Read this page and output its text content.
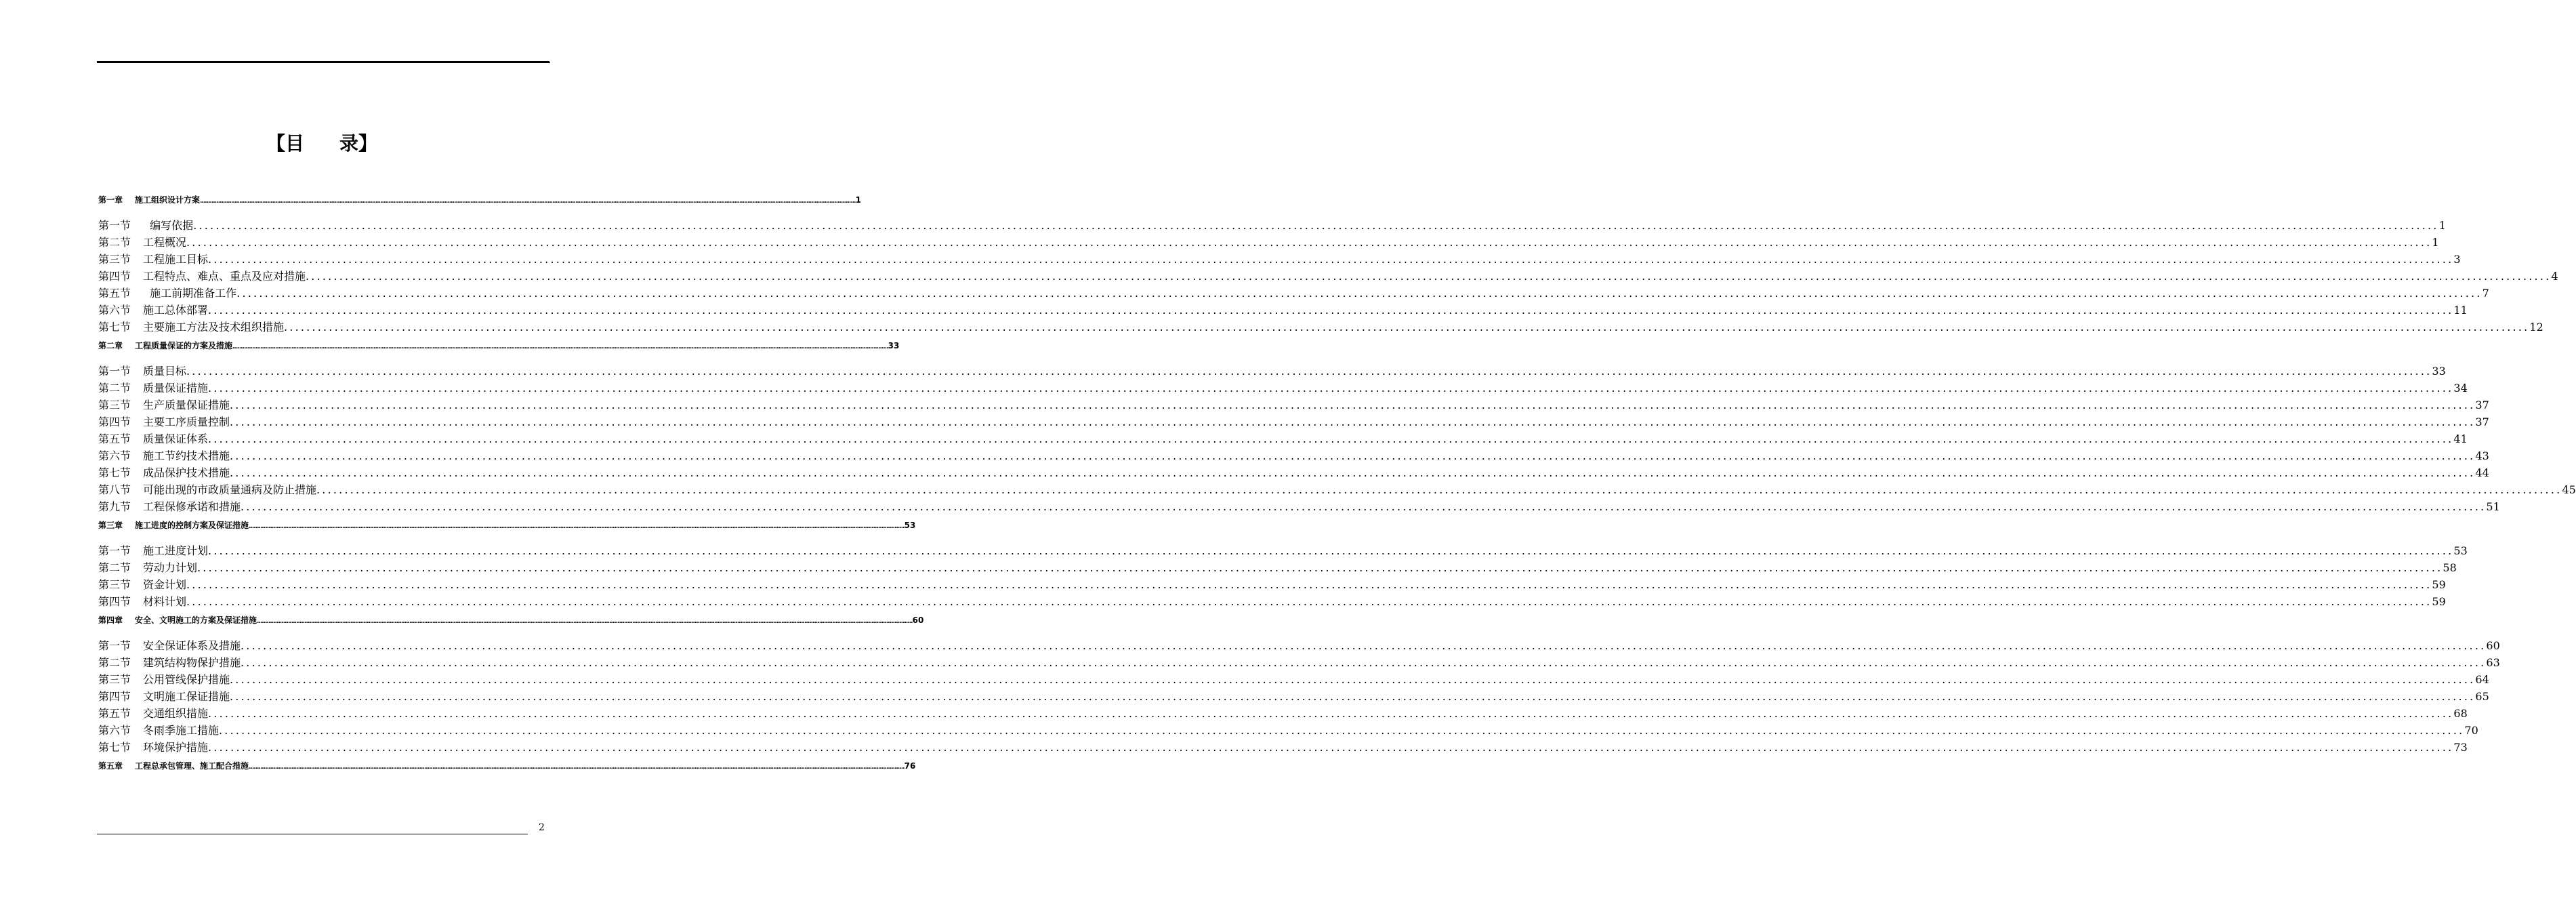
【目 录】
第一章 施工组织设计方案 ................................................................................................................................................................................................................................................................................................................................................................................................................ 1
第一节  编写依据 ................................................................................................................................................................................................................................................................................................................................................................................................................ 1
第二节 工程概况 ................................................................................................................................................................................................................................................................................................................................................................................................................ 1
第三节 工程施工目标 ................................................................................................................................................................................................................................................................................................................................................................................................................ 3
第四节 工程特点、难点、重点及应对措施 ................................................................................................................................................................................................................................................................................................................................................................................................................ 4
第五节  施工前期准备工作 ................................................................................................................................................................................................................................................................................................................................................................................................................ 7
第六节 施工总体部署 ................................................................................................................................................................................................................................................................................................................................................................................................................ 11
第七节 主要施工方法及技术组织措施 ................................................................................................................................................................................................................................................................................................................................................................................................................ 12
第二章 工程质量保证的方案及措施 ................................................................................................................................................................................................................................................................................................................................................................................................................ 33
第一节 质量目标 ................................................................................................................................................................................................................................................................................................................................................................................................................ 33
第二节 质量保证措施 ................................................................................................................................................................................................................................................................................................................................................................................................................ 34
第三节 生产质量保证措施 ................................................................................................................................................................................................................................................................................................................................................................................................................ 37
第四节 主要工序质量控制 ................................................................................................................................................................................................................................................................................................................................................................................................................ 37
第五节 质量保证体系 ................................................................................................................................................................................................................................................................................................................................................................................................................ 41
第六节 施工节约技术措施 ................................................................................................................................................................................................................................................................................................................................................................................................................ 43
第七节 成品保护技术措施 ................................................................................................................................................................................................................................................................................................................................................................................................................ 44
第八节 可能出现的市政质量通病及防止措施 ................................................................................................................................................................................................................................................................................................................................................................................................................ 45
第九节 工程保修承诺和措施 ................................................................................................................................................................................................................................................................................................................................................................................................................ 51
第三章 施工进度的控制方案及保证措施 ................................................................................................................................................................................................................................................................................................................................................................................................................ 53
第一节 施工进度计划 ................................................................................................................................................................................................................................................................................................................................................................................................................ 53
第二节 劳动力计划 ................................................................................................................................................................................................................................................................................................................................................................................................................ 58
第三节 资金计划 ................................................................................................................................................................................................................................................................................................................................................................................................................ 59
第四节 材料计划 ................................................................................................................................................................................................................................................................................................................................................................................................................ 59
第四章 安全、文明施工的方案及保证措施 ................................................................................................................................................................................................................................................................................................................................................................................................................ 60
第一节 安全保证体系及措施 ................................................................................................................................................................................................................................................................................................................................................................................................................ 60
第二节 建筑结构物保护措施 ................................................................................................................................................................................................................................................................................................................................................................................................................ 63
第三节 公用管线保护措施 ................................................................................................................................................................................................................................................................................................................................................................................................................ 64
第四节 文明施工保证措施 ................................................................................................................................................................................................................................................................................................................................................................................................................ 65
第五节 交通组织措施 ................................................................................................................................................................................................................................................................................................................................................................................................................ 68
第六节 冬雨季施工措施 ................................................................................................................................................................................................................................................................................................................................................................................................................ 70
第七节 环境保护措施 ................................................................................................................................................................................................................................................................................................................................................................................................................ 73
第五章 工程总承包管理、施工配合措施 ................................................................................................................................................................................................................................................................................................................................................................................................................ 76
2
